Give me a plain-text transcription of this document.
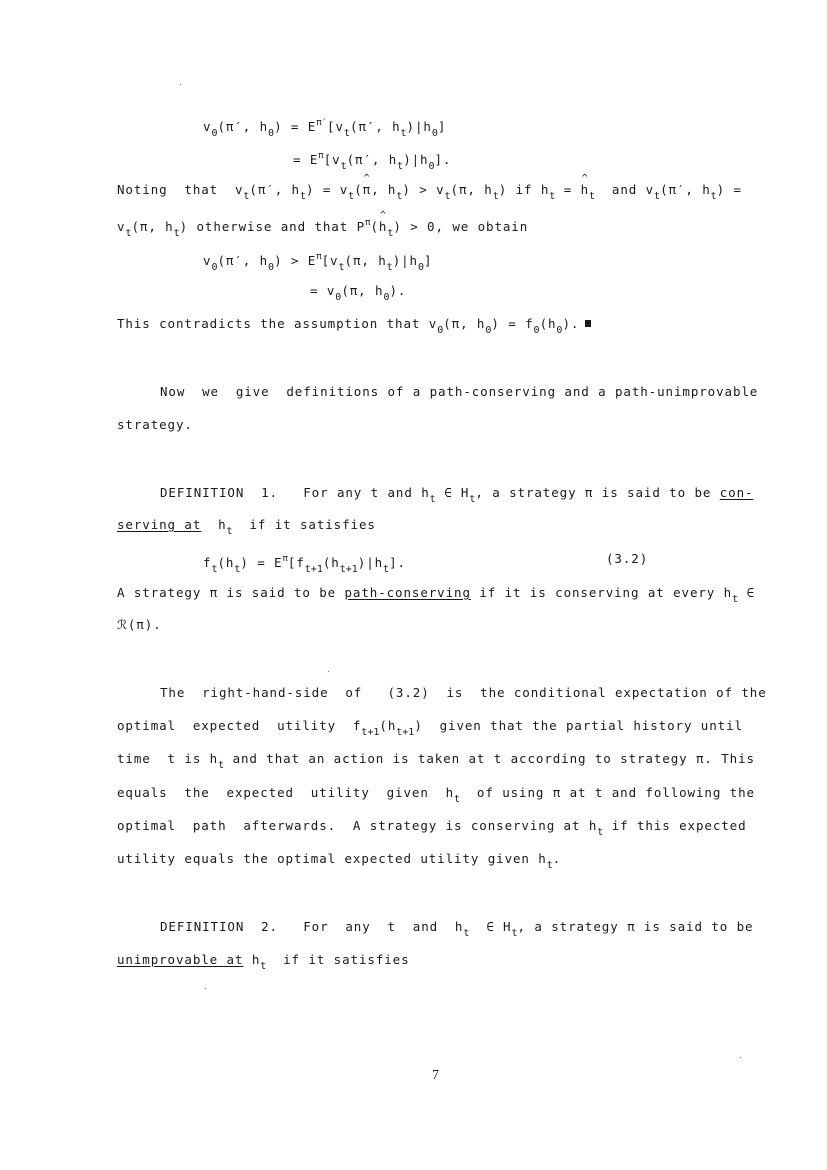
$v_0(\pi'$, $h_0) = E^{\pi'}[v_t(\pi'$, $h_t)|h_0$]
= $E^\pi[v_t(\pi'$, $h_t)|h_0$].
Noting  that  $v_t(\pi'$, $h_t$) = $v_t(\^{}$ π, $h_t) > v_t(\pi$, $h_t$) if $h_t$ = ^ $h_t$  and $v_t(\pi'$, $h_t$) =
$v_t(\pi$, $h_t$) otherwise and that $P^\pi(\^{}$ $h_t) > 0$, we obtain
$v_0(\pi'$, $h_0) > E^\pi[v_t(\pi$, $h_t)|h_0$]
= $v_0(\pi$, $h_0$).
This contradicts the assumption that $v_0(\pi$, $h_0) = f_0(h_0)$.
Now  we  give  definitions of a path-conserving and a path-unimprovable
strategy.
DEFINITION  1.   For any t and $h_t$ ∈ $H_t$, a strategy π is said to be con-
serving at  $h_t$  if it satisfies
$f_t(h_t) = E^\pi[f_{t+1}(h_{t+1})|h_t]$.	(3.2)
A strategy π is said to be path-conserving if it is conserving at every $h_t$ ∈
ℛ(π).
The  right-hand-side  of   (3.2)  is  the conditional expectation of the
optimal  expected  utility  $f_{t+1}(h_{t+1})$  given that the partial history until
time  t is $h_t$ and that an action is taken at t according to strategy π. This
equals  the  expected  utility  given  $h_t$  of using π at t and following the
optimal  path  afterwards.  A strategy is conserving at $h_t$ if this expected
utility equals the optimal expected utility given $h_t$.
DEFINITION  2.   For  any  t  and  $h_t$  ∈ $H_t$, a strategy π is said to be
unimprovable at $h_t$  if it satisfies
7
